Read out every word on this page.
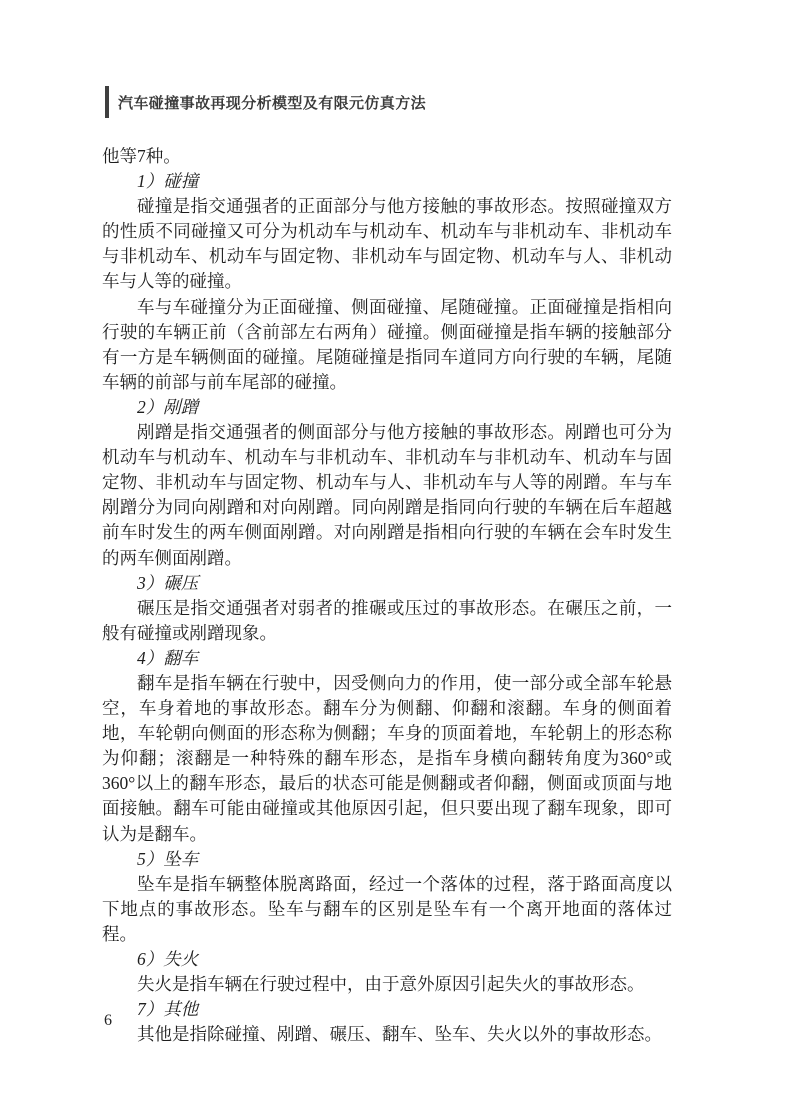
汽车碰撞事故再现分析模型及有限元仿真方法

他等7种。

1）碰撞

碰撞是指交通强者的正面部分与他方接触的事故形态。按照碰撞双方的性质不同碰撞又可分为机动车与机动车、机动车与非机动车、非机动车与非机动车、机动车与固定物、非机动车与固定物、机动车与人、非机动车与人等的碰撞。

车与车碰撞分为正面碰撞、侧面碰撞、尾随碰撞。正面碰撞是指相向行驶的车辆正前（含前部左右两角）碰撞。侧面碰撞是指车辆的接触部分有一方是车辆侧面的碰撞。尾随碰撞是指同车道同方向行驶的车辆，尾随车辆的前部与前车尾部的碰撞。

2）剐蹭

剐蹭是指交通强者的侧面部分与他方接触的事故形态。剐蹭也可分为机动车与机动车、机动车与非机动车、非机动车与非机动车、机动车与固定物、非机动车与固定物、机动车与人、非机动车与人等的剐蹭。车与车剐蹭分为同向剐蹭和对向剐蹭。同向剐蹭是指同向行驶的车辆在后车超越前车时发生的两车侧面剐蹭。对向剐蹭是指相向行驶的车辆在会车时发生的两车侧面剐蹭。

3）碾压

碾压是指交通强者对弱者的推碾或压过的事故形态。在碾压之前，一般有碰撞或剐蹭现象。

4）翻车

翻车是指车辆在行驶中，因受侧向力的作用，使一部分或全部车轮悬空，车身着地的事故形态。翻车分为侧翻、仰翻和滚翻。车身的侧面着地，车轮朝向侧面的形态称为侧翻；车身的顶面着地，车轮朝上的形态称为仰翻；滚翻是一种特殊的翻车形态，是指车身横向翻转角度为360°或360°以上的翻车形态，最后的状态可能是侧翻或者仰翻，侧面或顶面与地面接触。翻车可能由碰撞或其他原因引起，但只要出现了翻车现象，即可认为是翻车。

5）坠车

坠车是指车辆整体脱离路面，经过一个落体的过程，落于路面高度以下地点的事故形态。坠车与翻车的区别是坠车有一个离开地面的落体过程。

6）失火

失火是指车辆在行驶过程中，由于意外原因引起失火的事故形态。

7）其他

其他是指除碰撞、剐蹭、碾压、翻车、坠车、失火以外的事故形态。

6
